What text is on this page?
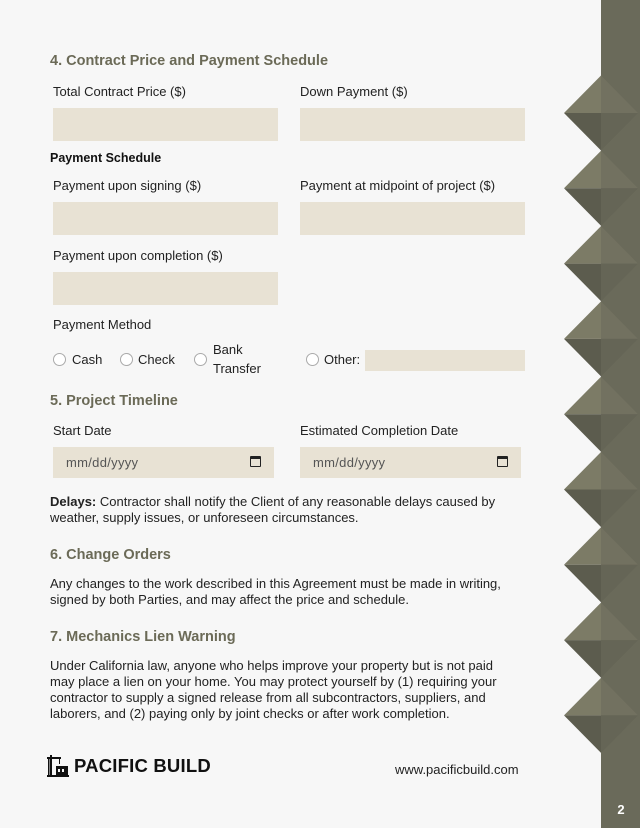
2
4. Contract Price and Payment Schedule
Total Contract Price ($)	Down Payment ($)
Payment Schedule
Payment upon signing ($)	Payment at midpoint of project ($)
Payment upon completion ($)
Payment Method
Cash	Check
Bank
Transfer
Other:
5. Project Timeline
Start Date	Estimated Completion Date
mm/dd/yyyy	mm/dd/yyyy
Delays: Contractor shall notify the Client of any reasonable delays caused by weather, supply issues, or unforeseen circumstances.
6. Change Orders
Any changes to the work described in this Agreement must be made in writing, signed by both Parties, and may affect the price and schedule.
7. Mechanics Lien Warning
Under California law, anyone who helps improve your property but is not paid may place a lien on your home. You may protect yourself by (1) requiring your contractor to supply a signed release from all subcontractors, suppliers, and laborers, and (2) paying only by joint checks or after work completion.
PACIFIC BUILD	www.pacificbuild.com
